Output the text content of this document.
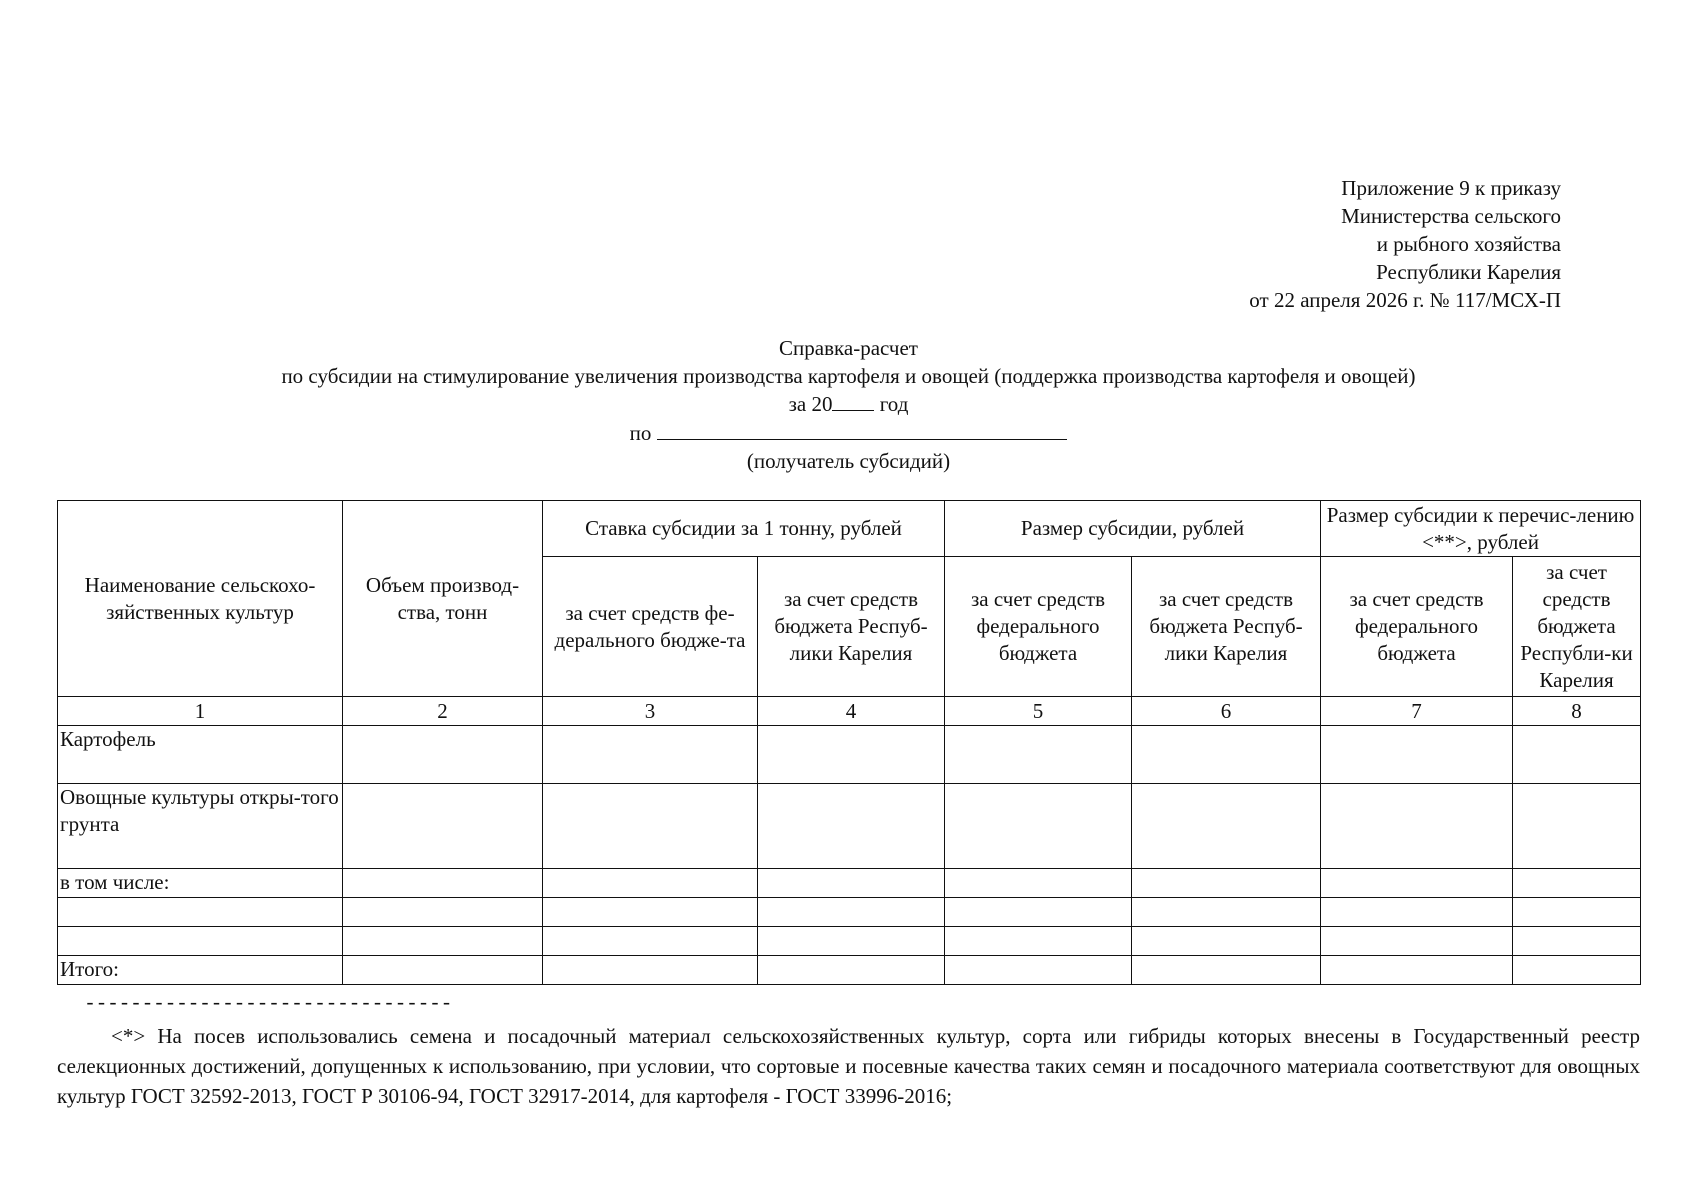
Приложение 9 к приказу
Министерства сельского
и рыбного хозяйства
Республики Карелия
от 22 апреля 2026 г. № 117/МСХ-П
Справка-расчет
по субсидии на стимулирование увеличения производства картофеля и овощей (поддержка производства картофеля и овощей)
за 20 год
по
(получатель субсидий)
Наименование сельскохо-зяйственных культур	Объем производ-ства, тонн	Ставка субсидии за 1 тонну, рублей		Размер субсидии, рублей		Размер субсидии к перечис-лению <**>, рублей	
		за счет средств фе-дерального бюдже-та	за счет средств бюджета Респуб-лики Карелия	за счет средств федерального бюджета	за счет средств бюджета Респуб-лики Карелия	за счет средств федерального бюджета	за счет средств бюджета Республи-ки Карелия
1	2	3	4	5	6	7	8
Картофель							
Овощные культуры откры-того грунта							
в том числе:							

Итого:							
--------------------------------
<*> На посев использовались семена и посадочный материал сельскохозяйственных культур, сорта или гибриды которых внесены в Государственный реестр селекционных достижений, допущенных к использованию, при условии, что сортовые и посевные качества таких семян и посадочного материала соответствуют для овощных культур ГОСТ 32592-2013, ГОСТ Р 30106-94, ГОСТ 32917-2014, для картофеля - ГОСТ 33996-2016;
